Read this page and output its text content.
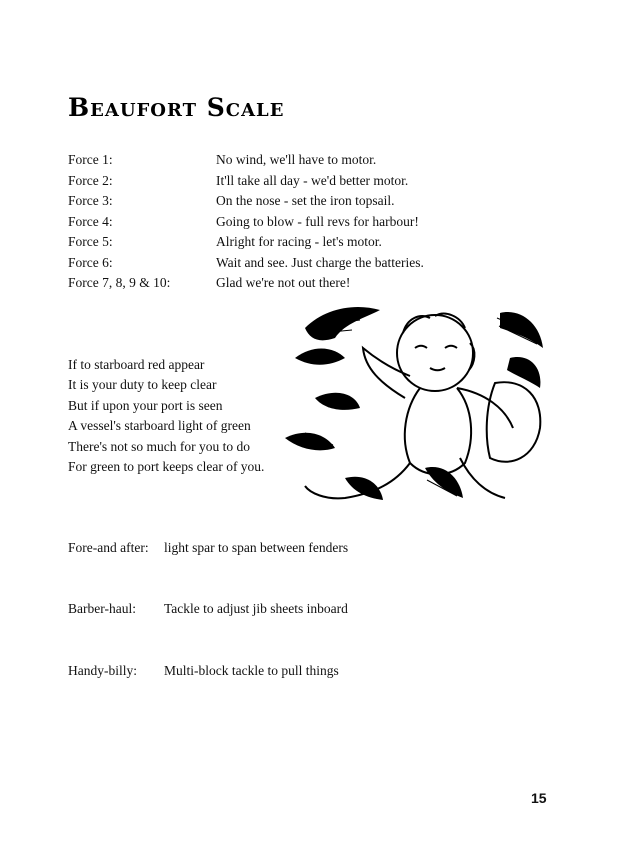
Beaufort Scale
Force 1:	No wind, we'll have to motor.
Force 2:	It'll take all day - we'd better motor.
Force 3:	On the nose - set the iron topsail.
Force 4:	Going to blow - full revs for harbour!
Force 5:	Alright for racing - let's motor.
Force 6:	Wait and see. Just charge the batteries.
Force 7, 8, 9 & 10:	Glad we're not out there!
If to starboard red appear
It is your duty to keep clear
But if upon your port is seen
A vessel's starboard light of green
There's not so much for you to do
For green to port keeps clear of you.
Fore-and after:	light spar to span between fenders
Barber-haul:	Tackle to adjust jib sheets inboard
Handy-billy:	Multi-block tackle to pull things
15
